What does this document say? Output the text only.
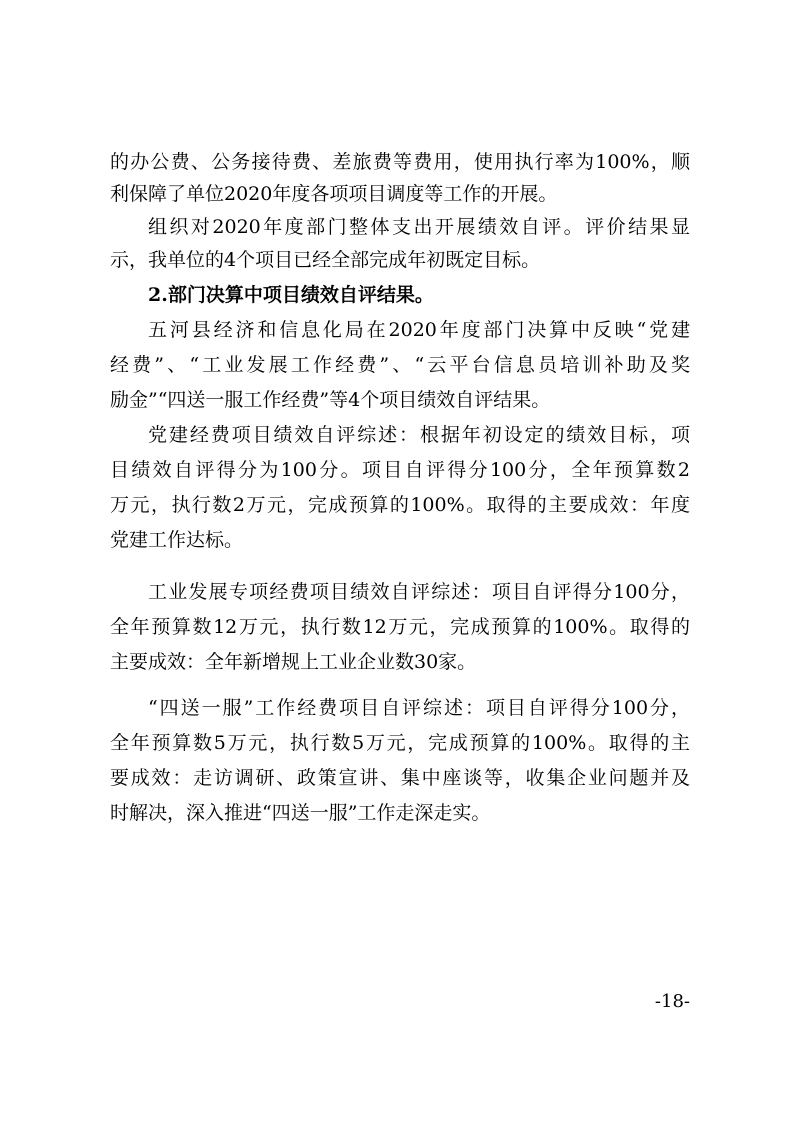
的办公费、公务接待费、差旅费等费用，使用执行率为100%，顺
利保障了单位2020年度各项项目调度等工作的开展。
组织对2020年度部门整体支出开展绩效自评。评价结果显
示，我单位的4个项目已经全部完成年初既定目标。
2.部门决算中项目绩效自评结果。
五河县经济和信息化局在2020年度部门决算中反映“党建
经费”、“工业发展工作经费”、“云平台信息员培训补助及奖
励金”“四送一服工作经费”等4个项目绩效自评结果。
党建经费项目绩效自评综述：根据年初设定的绩效目标，项
目绩效自评得分为100分。项目自评得分100分，全年预算数2
万元，执行数2万元，完成预算的100%。取得的主要成效：年度
党建工作达标。
工业发展专项经费项目绩效自评综述：项目自评得分100分，
全年预算数12万元，执行数12万元，完成预算的100%。取得的
主要成效：全年新增规上工业企业数30家。
“四送一服”工作经费项目自评综述：项目自评得分100分，
全年预算数5万元，执行数5万元，完成预算的100%。取得的主
要成效：走访调研、政策宣讲、集中座谈等，收集企业问题并及
时解决，深入推进“四送一服”工作走深走实。
-18-
